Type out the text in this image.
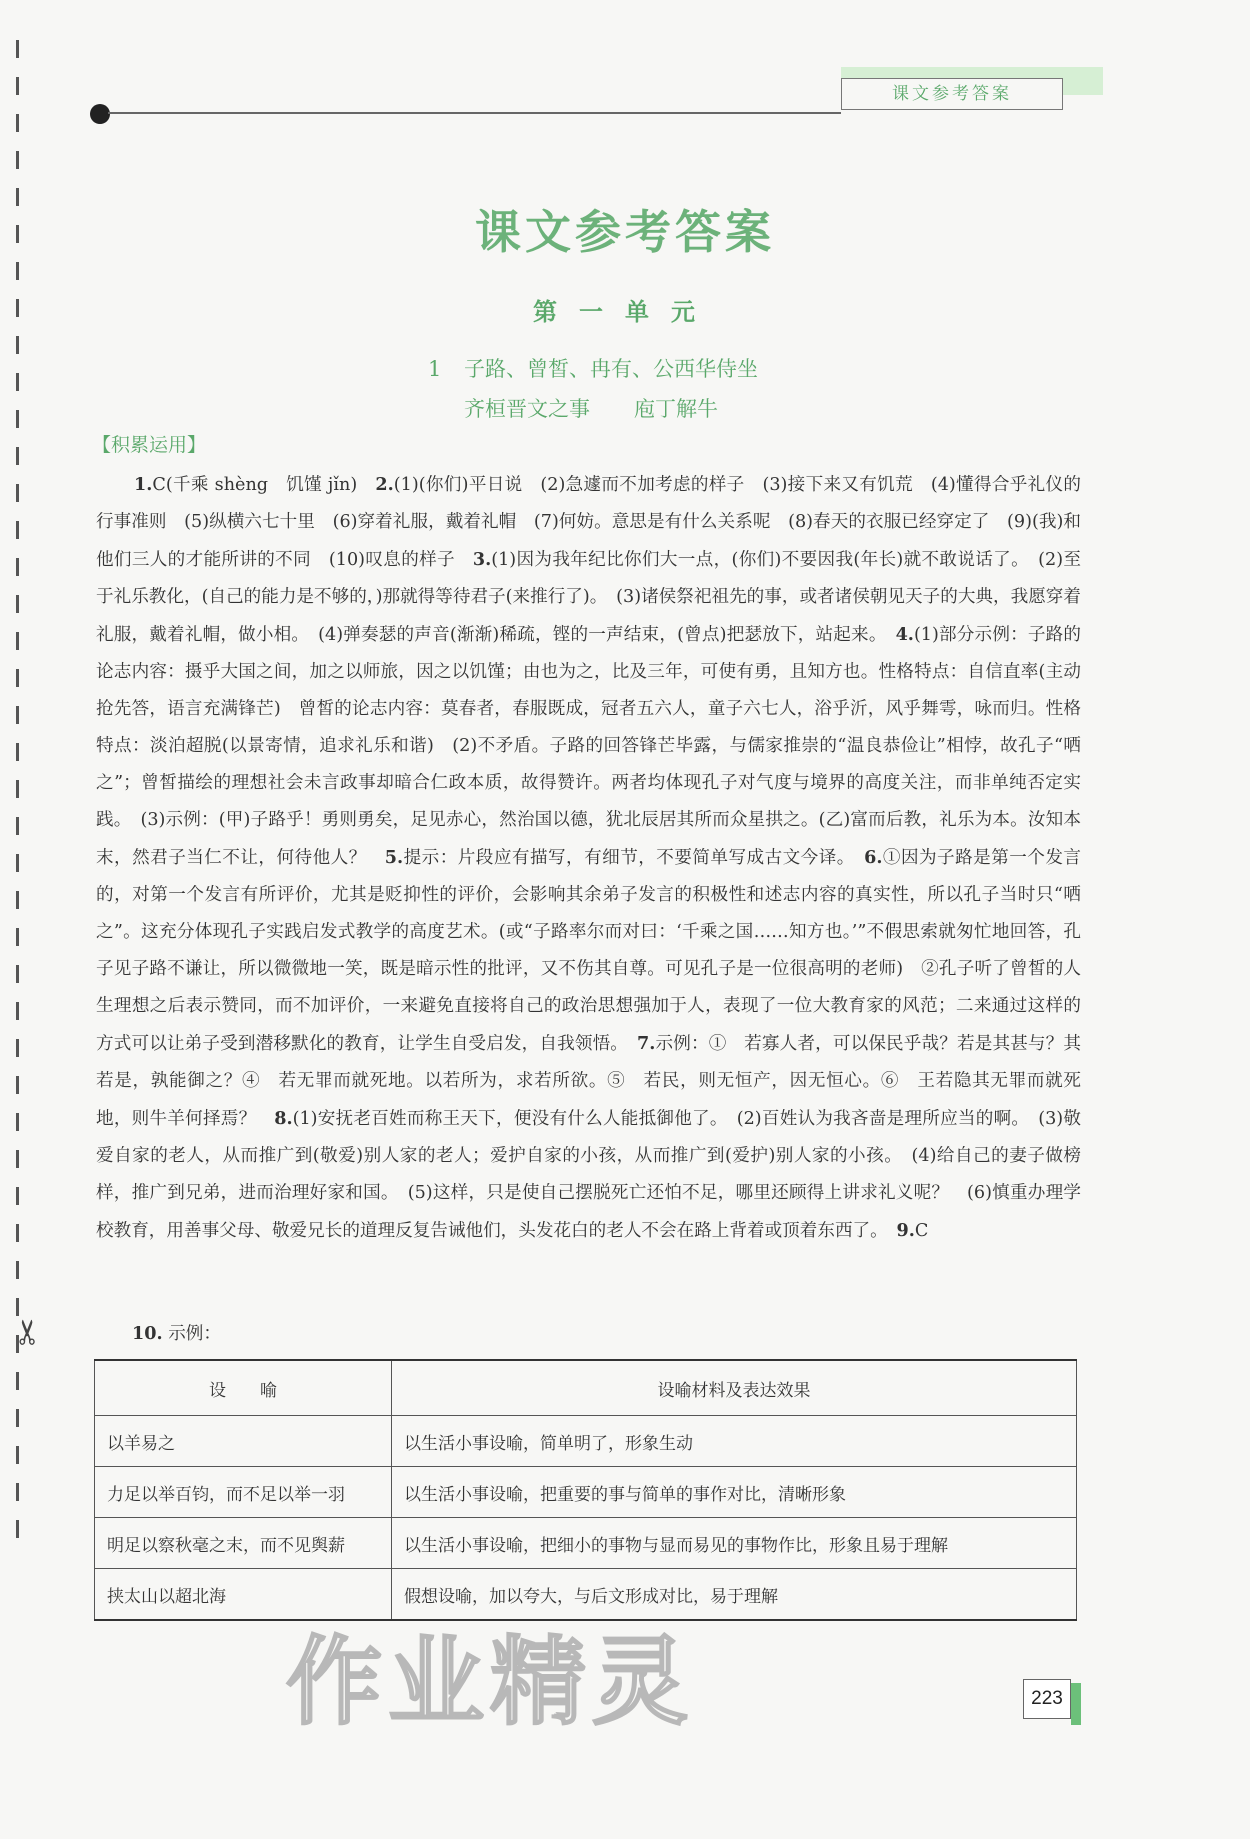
✂
课文参考答案
课文参考答案
第一单元
1 子路、曾皙、冉有、公西华侍坐
齐桓晋文之事 庖丁解牛
【积累运用】
1.C(千乘 shèng　饥馑 jǐn)　2.(1)(你们)平日说　(2)急遽而不加考虑的样子　(3)接下来又有饥荒　(4)懂得合乎礼仪的行事准则　(5)纵横六七十里　(6)穿着礼服，戴着礼帽　(7)何妨。意思是有什么关系呢　(8)春天的衣服已经穿定了　(9)(我)和他们三人的才能所讲的不同　(10)叹息的样子　3.(1)因为我年纪比你们大一点，(你们)不要因我(年长)就不敢说话了。　(2)至于礼乐教化，(自己的能力是不够的，)那就得等待君子(来推行了)。　(3)诸侯祭祀祖先的事，或者诸侯朝见天子的大典，我愿穿着礼服，戴着礼帽，做小相。　(4)弹奏瑟的声音(渐渐)稀疏，铿的一声结束，(曾点)把瑟放下，站起来。　4.(1)部分示例：子路的论志内容：摄乎大国之间，加之以师旅，因之以饥馑；由也为之，比及三年，可使有勇，且知方也。性格特点：自信直率(主动抢先答，语言充满锋芒)　曾皙的论志内容：莫春者，春服既成，冠者五六人，童子六七人，浴乎沂，风乎舞雩，咏而归。性格特点：淡泊超脱(以景寄情，追求礼乐和谐)　(2)不矛盾。子路的回答锋芒毕露，与儒家推崇的“温良恭俭让”相悖，故孔子“哂之”；曾皙描绘的理想社会未言政事却暗合仁政本质，故得赞许。两者均体现孔子对气度与境界的高度关注，而非单纯否定实践。　(3)示例：(甲)子路乎！勇则勇矣，足见赤心，然治国以德，犹北辰居其所而众星拱之。(乙)富而后教，礼乐为本。汝知本末，然君子当仁不让，何待他人？　5.提示：片段应有描写，有细节，不要简单写成古文今译。　6.①因为子路是第一个发言的，对第一个发言有所评价，尤其是贬抑性的评价，会影响其余弟子发言的积极性和述志内容的真实性，所以孔子当时只“哂之”。这充分体现孔子实践启发式教学的高度艺术。(或“子路率尔而对曰：‘千乘之国……知方也。’”不假思索就匆忙地回答，孔子见子路不谦让，所以微微地一笑，既是暗示性的批评，又不伤其自尊。可见孔子是一位很高明的老师)　②孔子听了曾皙的人生理想之后表示赞同，而不加评价，一来避免直接将自己的政治思想强加于人，表现了一位大教育家的风范；二来通过这样的方式可以让弟子受到潜移默化的教育，让学生自受启发，自我领悟。　7.示例：①　若寡人者，可以保民乎哉？若是其甚与？其若是，孰能御之？④　若无罪而就死地。以若所为，求若所欲。⑤　若民，则无恒产，因无恒心。⑥　王若隐其无罪而就死地，则牛羊何择焉？　8.(1)安抚老百姓而称王天下，便没有什么人能抵御他了。　(2)百姓认为我吝啬是理所应当的啊。　(3)敬爱自家的老人，从而推广到(敬爱)别人家的老人；爱护自家的小孩，从而推广到(爱护)别人家的小孩。　(4)给自己的妻子做榜样，推广到兄弟，进而治理好家和国。　(5)这样，只是使自己摆脱死亡还怕不足，哪里还顾得上讲求礼义呢？　(6)慎重办理学校教育，用善事父母、敬爱兄长的道理反复告诫他们，头发花白的老人不会在路上背着或顶着东西了。　9.C
10. 示例：
设　　喻	设喻材料及表达效果
以羊易之	以生活小事设喻，简单明了，形象生动
力足以举百钧，而不足以举一羽	以生活小事设喻，把重要的事与简单的事作对比，清晰形象
明足以察秋毫之末，而不见舆薪	以生活小事设喻，把细小的事物与显而易见的事物作比，形象且易于理解
挟太山以超北海	假想设喻，加以夸大，与后文形成对比，易于理解
作业精灵	223
